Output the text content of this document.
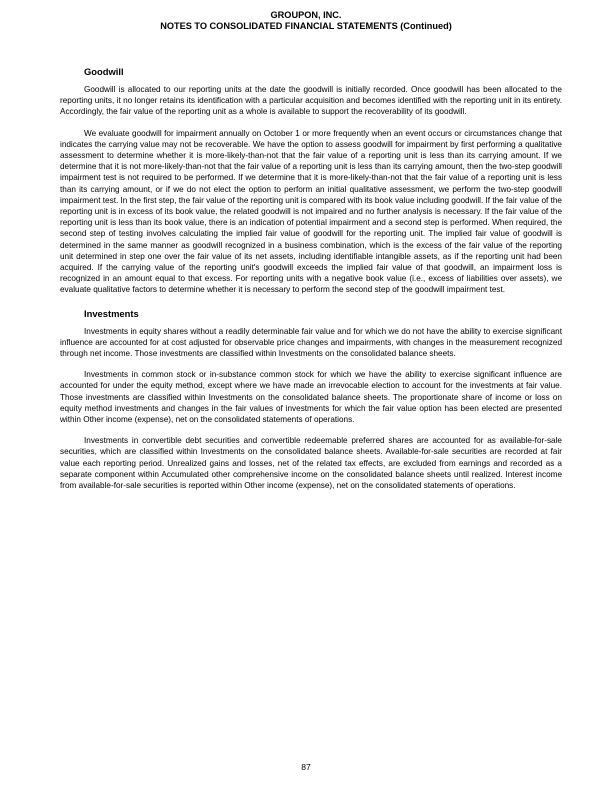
GROUPON, INC.
NOTES TO CONSOLIDATED FINANCIAL STATEMENTS (Continued)
Goodwill

Goodwill is allocated to our reporting units at the date the goodwill is initially recorded. Once goodwill has been allocated to the reporting units, it no longer retains its identification with a particular acquisition and becomes identified with the reporting unit in its entirety. Accordingly, the fair value of the reporting unit as a whole is available to support the recoverability of its goodwill.

We evaluate goodwill for impairment annually on October 1 or more frequently when an event occurs or circumstances change that indicates the carrying value may not be recoverable. We have the option to assess goodwill for impairment by first performing a qualitative assessment to determine whether it is more-likely-than-not that the fair value of a reporting unit is less than its carrying amount. If we determine that it is not more-likely-than-not that the fair value of a reporting unit is less than its carrying amount, then the two-step goodwill impairment test is not required to be performed. If we determine that it is more-likely-than-not that the fair value of a reporting unit is less than its carrying amount, or if we do not elect the option to perform an initial qualitative assessment, we perform the two-step goodwill impairment test. In the first step, the fair value of the reporting unit is compared with its book value including goodwill. If the fair value of the reporting unit is in excess of its book value, the related goodwill is not impaired and no further analysis is necessary. If the fair value of the reporting unit is less than its book value, there is an indication of potential impairment and a second step is performed. When required, the second step of testing involves calculating the implied fair value of goodwill for the reporting unit. The implied fair value of goodwill is determined in the same manner as goodwill recognized in a business combination, which is the excess of the fair value of the reporting unit determined in step one over the fair value of its net assets, including identifiable intangible assets, as if the reporting unit had been acquired. If the carrying value of the reporting unit's goodwill exceeds the implied fair value of that goodwill, an impairment loss is recognized in an amount equal to that excess. For reporting units with a negative book value (i.e., excess of liabilities over assets), we evaluate qualitative factors to determine whether it is necessary to perform the second step of the goodwill impairment test.

Investments

Investments in equity shares without a readily determinable fair value and for which we do not have the ability to exercise significant influence are accounted for at cost adjusted for observable price changes and impairments, with changes in the measurement recognized through net income. Those investments are classified within Investments on the consolidated balance sheets.

Investments in common stock or in-substance common stock for which we have the ability to exercise significant influence are accounted for under the equity method, except where we have made an irrevocable election to account for the investments at fair value. Those investments are classified within Investments on the consolidated balance sheets. The proportionate share of income or loss on equity method investments and changes in the fair values of investments for which the fair value option has been elected are presented within Other income (expense), net on the consolidated statements of operations.

Investments in convertible debt securities and convertible redeemable preferred shares are accounted for as available-for-sale securities, which are classified within Investments on the consolidated balance sheets. Available-for-sale securities are recorded at fair value each reporting period. Unrealized gains and losses, net of the related tax effects, are excluded from earnings and recorded as a separate component within Accumulated other comprehensive income on the consolidated balance sheets until realized. Interest income from available-for-sale securities is reported within Other income (expense), net on the consolidated statements of operations.

87
